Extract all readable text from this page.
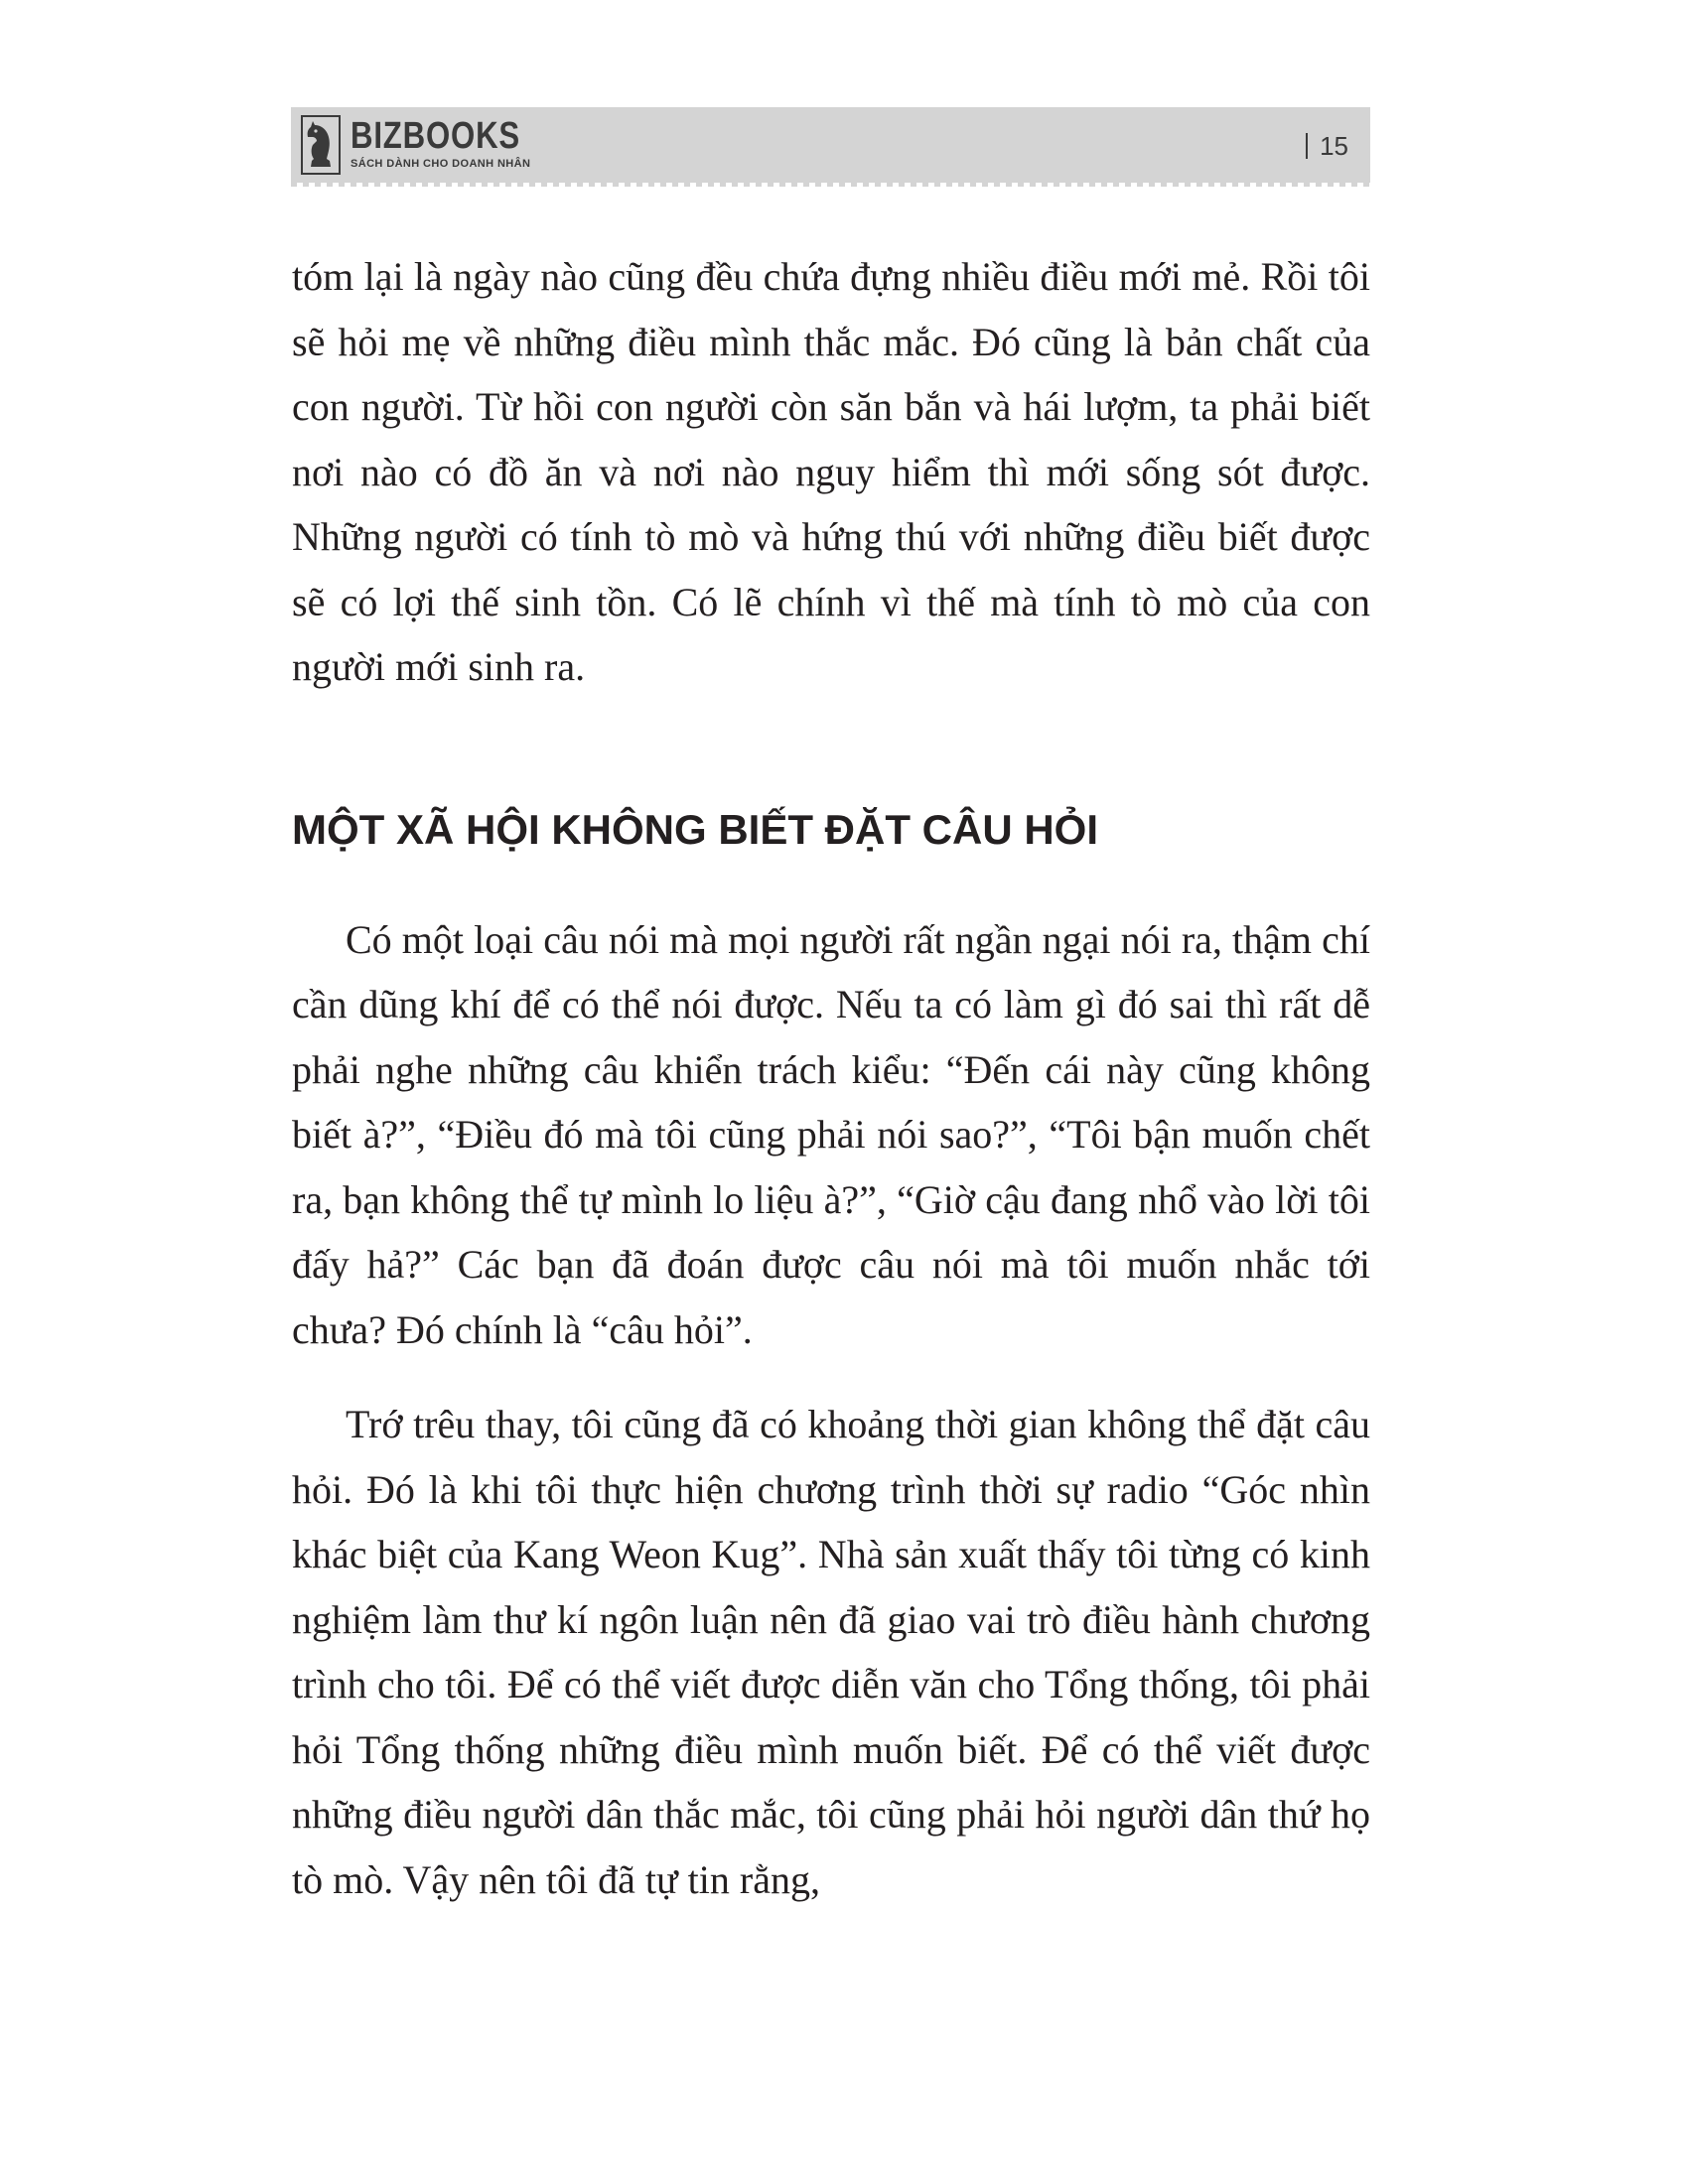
BIZBOOKS
SÁCH DÀNH CHO DOANH NHÂN
15

tóm lại là ngày nào cũng đều chứa đựng nhiều điều mới mẻ. Rồi tôi sẽ hỏi mẹ về những điều mình thắc mắc. Đó cũng là bản chất của con người. Từ hồi con người còn săn bắn và hái lượm, ta phải biết nơi nào có đồ ăn và nơi nào nguy hiểm thì mới sống sót được. Những người có tính tò mò và hứng thú với những điều biết được sẽ có lợi thế sinh tồn. Có lẽ chính vì thế mà tính tò mò của con người mới sinh ra.

MỘT XÃ HỘI KHÔNG BIẾT ĐẶT CÂU HỎI

Có một loại câu nói mà mọi người rất ngần ngại nói ra, thậm chí cần dũng khí để có thể nói được. Nếu ta có làm gì đó sai thì rất dễ phải nghe những câu khiển trách kiểu: “Đến cái này cũng không biết à?”, “Điều đó mà tôi cũng phải nói sao?”, “Tôi bận muốn chết ra, bạn không thể tự mình lo liệu à?”, “Giờ cậu đang nhổ vào lời tôi đấy hả?” Các bạn đã đoán được câu nói mà tôi muốn nhắc tới chưa? Đó chính là “câu hỏi”.

Trớ trêu thay, tôi cũng đã có khoảng thời gian không thể đặt câu hỏi. Đó là khi tôi thực hiện chương trình thời sự radio “Góc nhìn khác biệt của Kang Weon Kug”. Nhà sản xuất thấy tôi từng có kinh nghiệm làm thư kí ngôn luận nên đã giao vai trò điều hành chương trình cho tôi. Để có thể viết được diễn văn cho Tổng thống, tôi phải hỏi Tổng thống những điều mình muốn biết. Để có thể viết được những điều người dân thắc mắc, tôi cũng phải hỏi người dân thứ họ tò mò. Vậy nên tôi đã tự tin rằng,
